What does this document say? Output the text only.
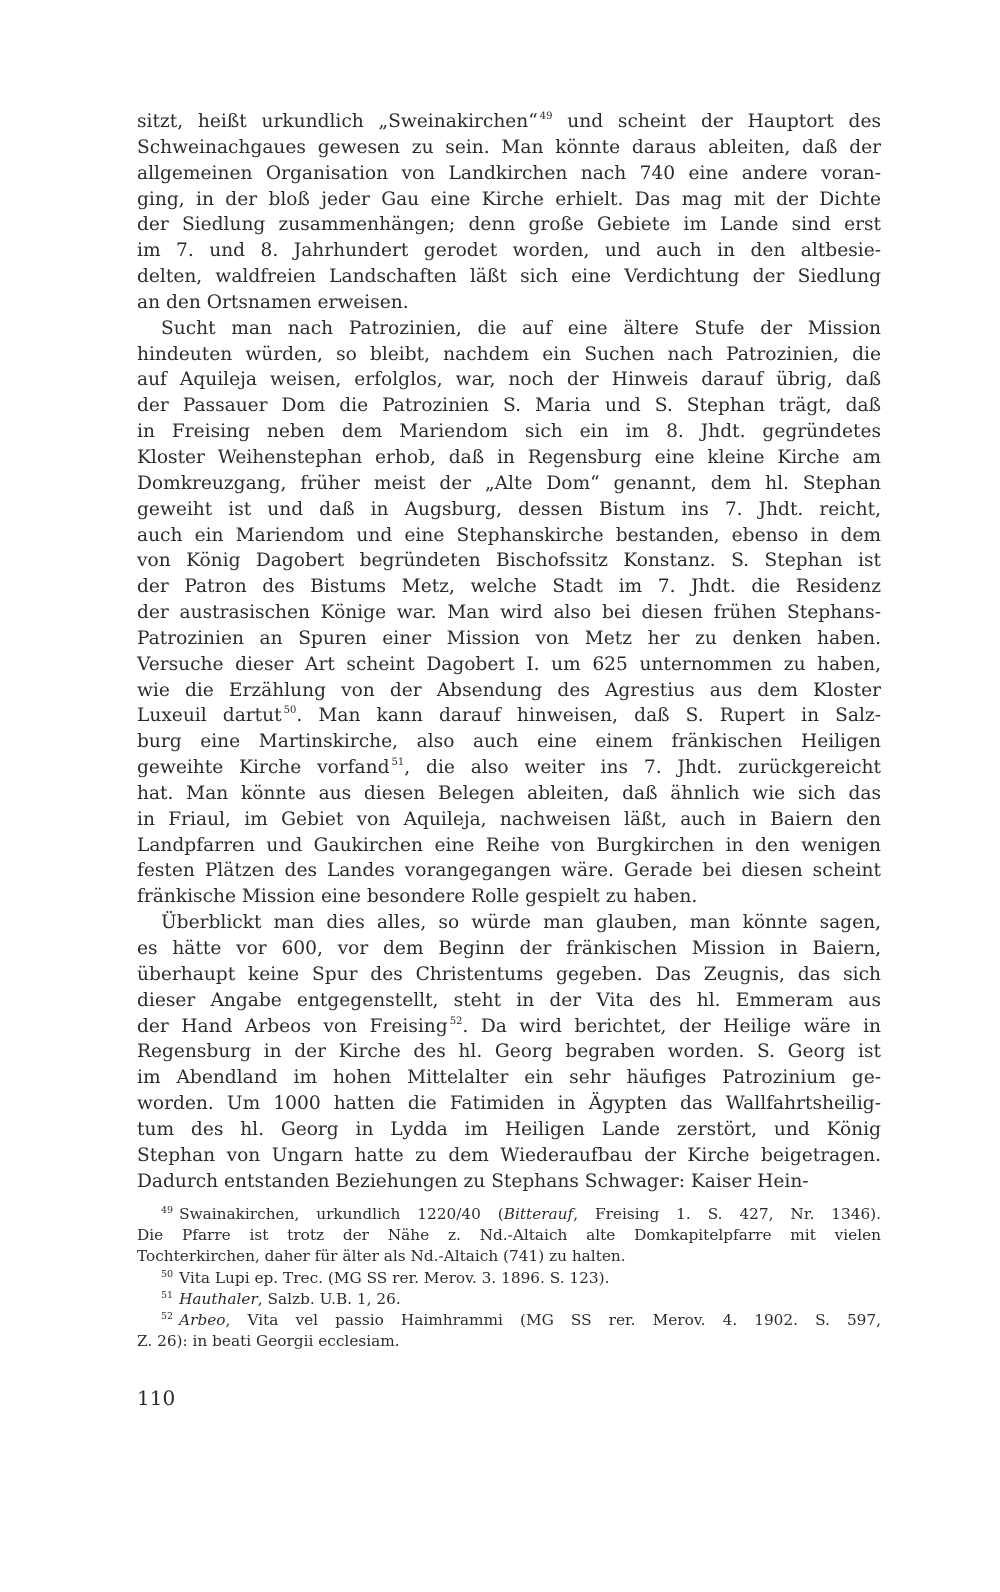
sitzt, heißt urkundlich „Sweinakirchen“ $^{49}$ und scheint der Hauptort des
Schweinachgaues gewesen zu sein. Man könnte daraus ableiten, daß der
allgemeinen Organisation von Landkirchen nach 740 eine andere voran-
ging, in der bloß jeder Gau eine Kirche erhielt. Das mag mit der Dichte
der Siedlung zusammenhängen; denn große Gebiete im Lande sind erst
im 7. und 8. Jahrhundert gerodet worden, und auch in den altbesie-
delten, waldfreien Landschaften läßt sich eine Verdichtung der Siedlung
an den Ortsnamen erweisen.
Sucht man nach Patrozinien, die auf eine ältere Stufe der Mission
hindeuten würden, so bleibt, nachdem ein Suchen nach Patrozinien, die
auf Aquileja weisen, erfolglos, war, noch der Hinweis darauf übrig, daß
der Passauer Dom die Patrozinien S. Maria und S. Stephan trägt, daß
in Freising neben dem Mariendom sich ein im 8. Jhdt. gegründetes
Kloster Weihenstephan erhob, daß in Regensburg eine kleine Kirche am
Domkreuzgang, früher meist der „Alte Dom“ genannt, dem hl. Stephan
geweiht ist und daß in Augsburg, dessen Bistum ins 7. Jhdt. reicht,
auch ein Mariendom und eine Stephanskirche bestanden, ebenso in dem
von König Dagobert begründeten Bischofssitz Konstanz. S. Stephan ist
der Patron des Bistums Metz, welche Stadt im 7. Jhdt. die Residenz
der austrasischen Könige war. Man wird also bei diesen frühen Stephans-
Patrozinien an Spuren einer Mission von Metz her zu denken haben.
Versuche dieser Art scheint Dagobert I. um 625 unternommen zu haben,
wie die Erzählung von der Absendung des Agrestius aus dem Kloster
Luxeuil dartut $^{50}$. Man kann darauf hinweisen, daß S. Rupert in Salz-
burg eine Martinskirche, also auch eine einem fränkischen Heiligen
geweihte Kirche vorfand $^{51}$, die also weiter ins 7. Jhdt. zurückgereicht
hat. Man könnte aus diesen Belegen ableiten, daß ähnlich wie sich das
in Friaul, im Gebiet von Aquileja, nachweisen läßt, auch in Baiern den
Landpfarren und Gaukirchen eine Reihe von Burgkirchen in den wenigen
festen Plätzen des Landes vorangegangen wäre. Gerade bei diesen scheint
fränkische Mission eine besondere Rolle gespielt zu haben.
Überblickt man dies alles, so würde man glauben, man könnte sagen,
es hätte vor 600, vor dem Beginn der fränkischen Mission in Baiern,
überhaupt keine Spur des Christentums gegeben. Das Zeugnis, das sich
dieser Angabe entgegenstellt, steht in der Vita des hl. Emmeram aus
der Hand Arbeos von Freising $^{52}$. Da wird berichtet, der Heilige wäre in
Regensburg in der Kirche des hl. Georg begraben worden. S. Georg ist
im Abendland im hohen Mittelalter ein sehr häufiges Patrozinium ge-
worden. Um 1000 hatten die Fatimiden in Ägypten das Wallfahrtsheilig-
tum des hl. Georg in Lydda im Heiligen Lande zerstört, und König
Stephan von Ungarn hatte zu dem Wiederaufbau der Kirche beigetragen.
Dadurch entstanden Beziehungen zu Stephans Schwager: Kaiser Hein-
$^{49}$ Swainakirchen, urkundlich 1220/40 (Bitterauf, Freising 1. S. 427, Nr. 1346).
Die Pfarre ist trotz der Nähe z. Nd.-Altaich alte Domkapitelpfarre mit vielen
Tochterkirchen, daher für älter als Nd.-Altaich (741) zu halten.
$^{50}$ Vita Lupi ep. Trec. (MG SS rer. Merov. 3. 1896. S. 123).
$^{51}$ Hauthaler, Salzb. U.B. 1, 26.
$^{52}$ Arbeo, Vita vel passio Haimhrammi (MG SS rer. Merov. 4. 1902. S. 597,
Z. 26): in beati Georgii ecclesiam.
110
